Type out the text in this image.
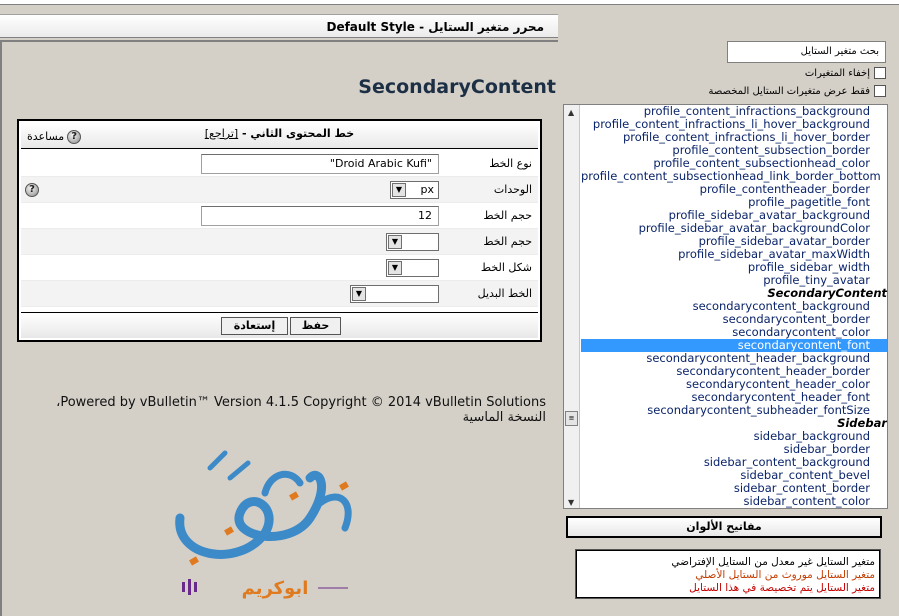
محرر متغير الستايل - Default Style
SecondaryContent
خط المحتوى الثاني - [تراجع]
?
مساعدة
نوع الخط
"Droid Arabic Kufi"
الوحدات
?	▼	px
حجم الخط
12
حجم الخط
▼
شكل الخط
▼
الخط البديل
▼
إستعادة	حفظ
Powered by vBulletin™ Version 4.1.5 Copyright © 2014 vBulletin Solutions، النسخة الماسية
ابوكريم
بحث متغير الستايل
إخفاء المتغيرات
فقط عرض متغيرات الستايل المخصصة
▲
≡
▼
profile_content_infractions_background
profile_content_infractions_li_hover_background
profile_content_infractions_li_hover_border
profile_content_subsection_border
profile_content_subsectionhead_color
profile_content_subsectionhead_link_border_bottom
profile_contentheader_border
profile_pagetitle_font
profile_sidebar_avatar_background
profile_sidebar_avatar_backgroundColor
profile_sidebar_avatar_border
profile_sidebar_avatar_maxWidth
profile_sidebar_width
profile_tiny_avatar
SecondaryContent
secondarycontent_background
secondarycontent_border
secondarycontent_color
secondarycontent_font
secondarycontent_header_background
secondarycontent_header_border
secondarycontent_header_color
secondarycontent_header_font
secondarycontent_subheader_fontSize
Sidebar
sidebar_background
sidebar_border
sidebar_content_background
sidebar_content_bevel
sidebar_content_border
sidebar_content_color
مفاتيح الألوان
متغير الستايل غير معدل من الستايل الإفتراضي
متغير الستايل موروث من الستايل الأصلي
متغير الستايل يتم تخصيصة في هذا الستايل
